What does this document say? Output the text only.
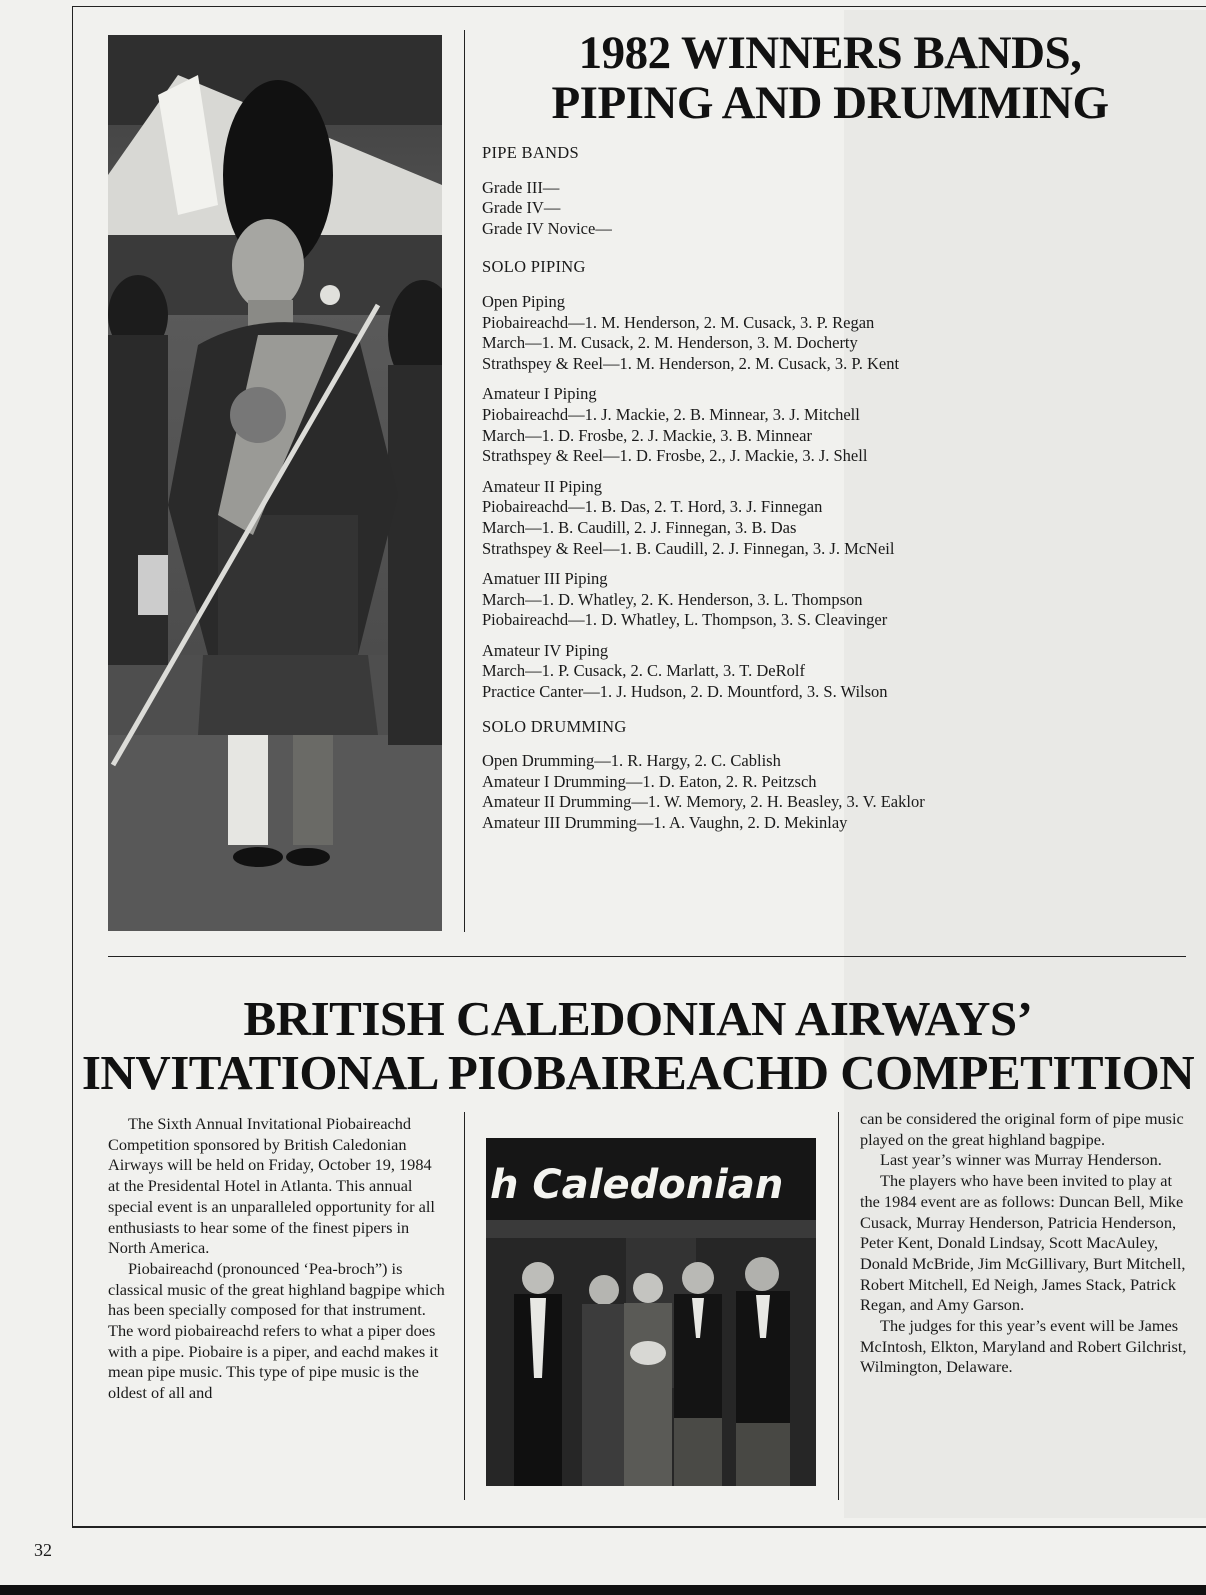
1982 WINNERS BANDS,
PIPING AND DRUMMING
PIPE BANDS
Grade III—
Grade IV—
Grade IV Novice—
SOLO PIPING
Open Piping
Piobaireachd—1. M. Henderson, 2. M. Cusack, 3. P. Regan
March—1. M. Cusack, 2. M. Henderson, 3. M. Docherty
Strathspey & Reel—1. M. Henderson, 2. M. Cusack, 3. P. Kent
Amateur I Piping
Piobaireachd—1. J. Mackie, 2. B. Minnear, 3. J. Mitchell
March—1. D. Frosbe, 2. J. Mackie, 3. B. Minnear
Strathspey & Reel—1. D. Frosbe, 2., J. Mackie, 3. J. Shell
Amateur II Piping
Piobaireachd—1. B. Das, 2. T. Hord, 3. J. Finnegan
March—1. B. Caudill, 2. J. Finnegan, 3. B. Das
Strathspey & Reel—1. B. Caudill, 2. J. Finnegan, 3. J. McNeil
Amatuer III Piping
March—1. D. Whatley, 2. K. Henderson, 3. L. Thompson
Piobaireachd—1. D. Whatley, L. Thompson, 3. S. Cleavinger
Amateur IV Piping
March—1. P. Cusack, 2. C. Marlatt, 3. T. DeRolf
Practice Canter—1. J. Hudson, 2. D. Mountford, 3. S. Wilson
SOLO DRUMMING
Open Drumming—1. R. Hargy, 2. C. Cablish
Amateur I Drumming—1. D. Eaton, 2. R. Peitzsch
Amateur II Drumming—1. W. Memory, 2. H. Beasley, 3. V. Eaklor
Amateur III Drumming—1. A. Vaughn, 2. D. Mekinlay
BRITISH CALEDONIAN AIRWAYS’
INVITATIONAL PIOBAIREACHD COMPETITION

The Sixth Annual Invitational Piobaireachd Competition sponsored by British Caledonian Airways will be held on Friday, October 19, 1984 at the Presidental Hotel in Atlanta. This annual special event is an unparalleled opportunity for all enthusiasts to hear some of the finest pipers in North America.

Piobaireachd (pronounced ‘Pea-broch”) is classical music of the great highland bagpipe which has been specially composed for that instrument. The word piobaireachd refers to what a piper does with a pipe. Piobaire is a piper, and eachd makes it mean pipe music. This type of pipe music is the oldest of all and

h Caledonian

can be considered the original form of pipe music played on the great highland bagpipe.

Last year’s winner was Murray Henderson.

The players who have been invited to play at the 1984 event are as follows: Duncan Bell, Mike Cusack, Murray Henderson, Patricia Henderson, Peter Kent, Donald Lindsay, Scott MacAuley, Donald McBride, Jim McGillivary, Burt Mitchell, Robert Mitchell, Ed Neigh, James Stack, Patrick Regan, and Amy Garson.

The judges for this year’s event will be James McIntosh, Elkton, Maryland and Robert Gilchrist, Wilmington, Delaware.

32
